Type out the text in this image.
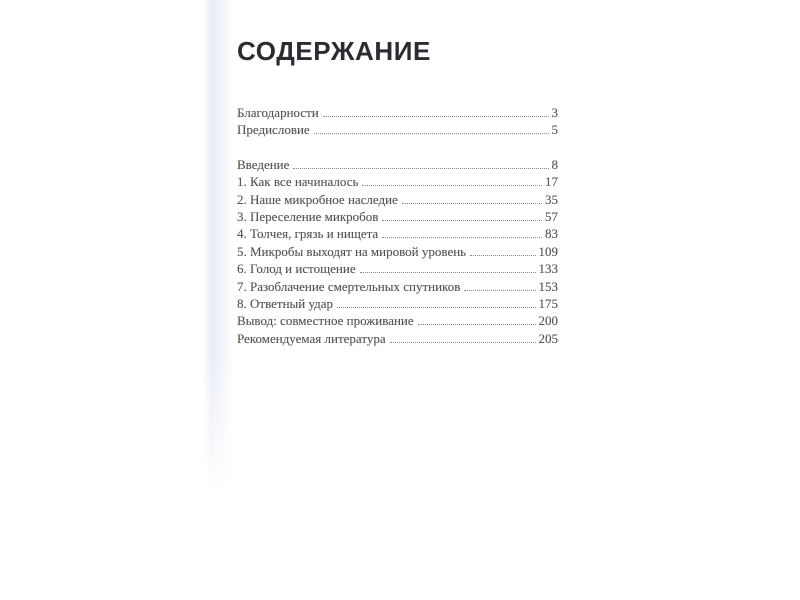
СОДЕРЖАНИЕ
Благодарности	3
Предисловие	5
Введение	8
1. Как все начиналось	17
2. Наше микробное наследие	35
3. Переселение микробов	57
4. Толчея, грязь и нищета	83
5. Микробы выходят на мировой уровень	109
6. Голод и истощение	133
7. Разоблачение смертельных спутников	153
8. Ответный удар	175
Вывод: совместное проживание	200
Рекомендуемая литература	205
